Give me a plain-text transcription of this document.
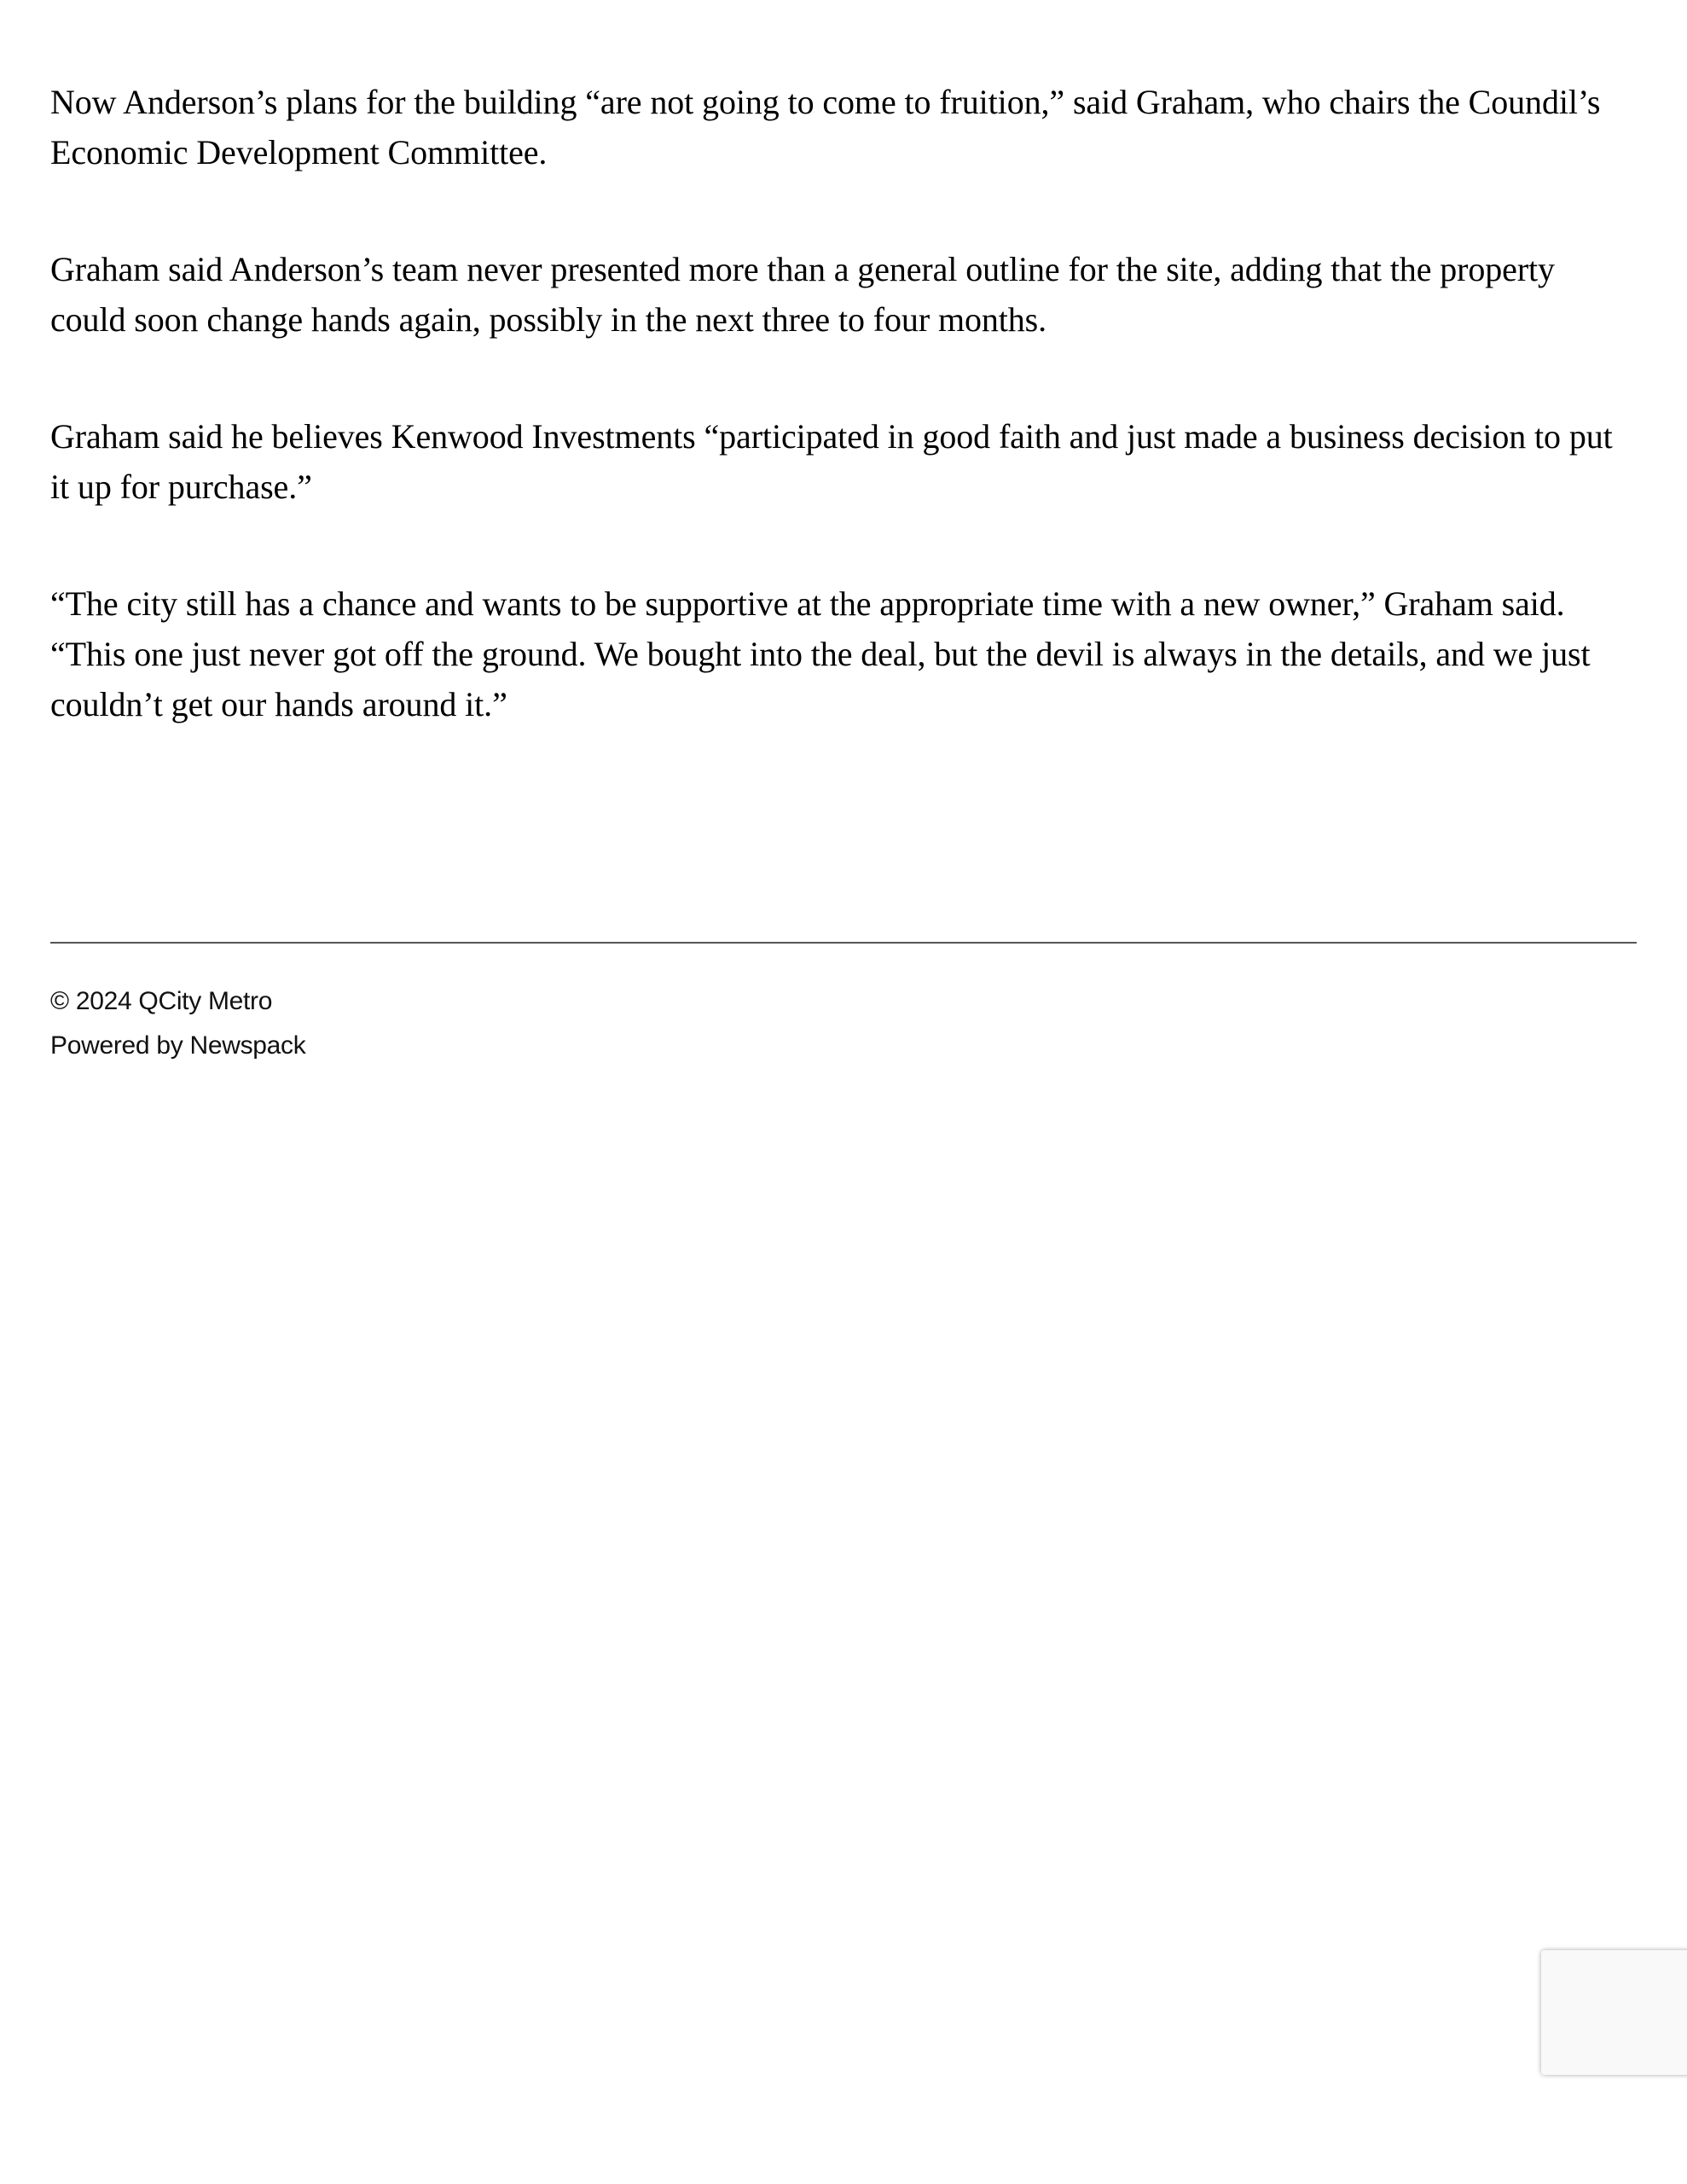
Now Anderson’s plans for the building “are not going to come to fruition,” said Graham, who chairs the Coundil’s Economic Development Committee.

Graham said Anderson’s team never presented more than a general outline for the site, adding that the property could soon change hands again, possibly in the next three to four months.

Graham said he believes Kenwood Investments “participated in good faith and just made a business decision to put it up for purchase.”

“The city still has a chance and wants to be supportive at the appropriate time with a new owner,” Graham said. “This one just never got off the ground. We bought into the deal, but the devil is always in the details, and we just couldn’t get our hands around it.”

© 2024 QCity Metro
Powered by Newspack
